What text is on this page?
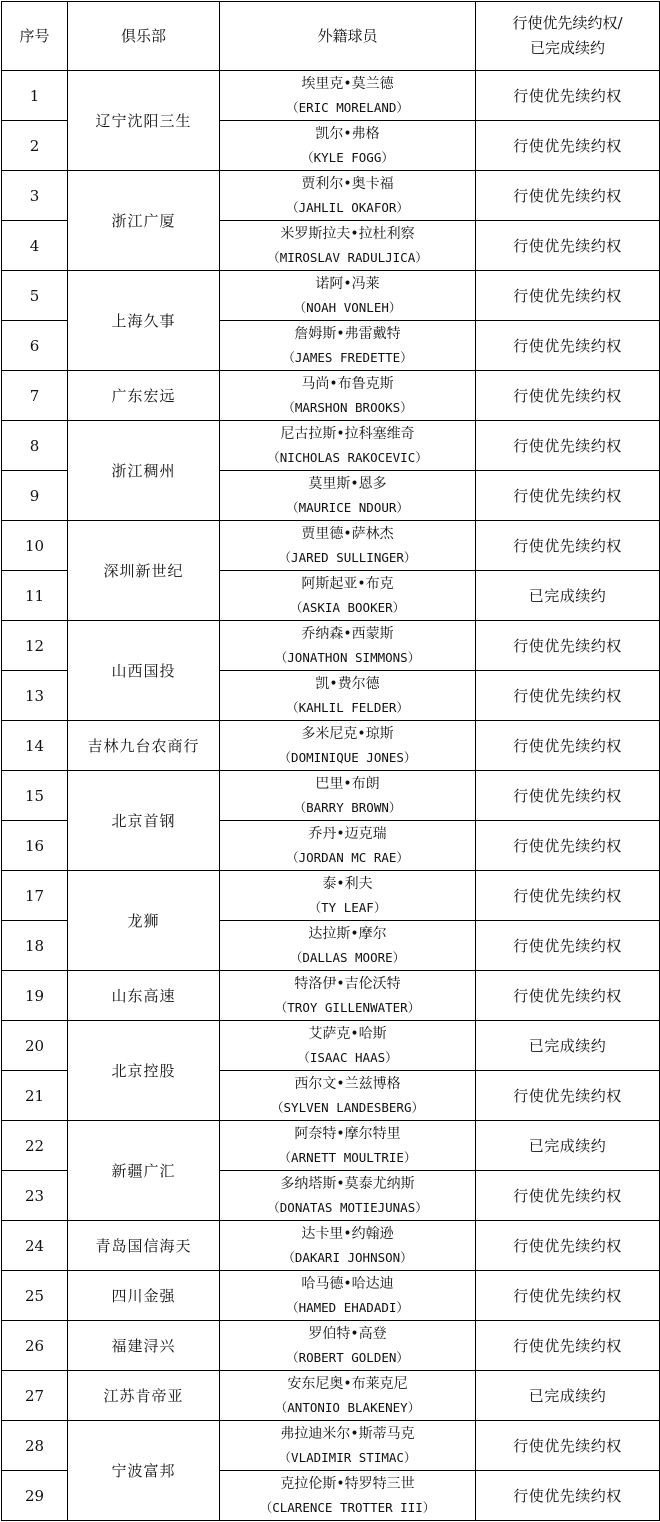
序号	俱乐部	外籍球员	行使优先续约权/
已完成续约

1	辽宁沈阳三生	埃里克•莫兰德
（ERIC MORELAND）	行使优先续约权
2		凯尔•弗格
（KYLE FOGG）	行使优先续约权
3	浙江广厦	贾利尔•奥卡福
（JAHLIL OKAFOR）	行使优先续约权
4		米罗斯拉夫•拉杜利察
（MIROSLAV RADULJICA）	行使优先续约权
5	上海久事	诺阿•冯莱
（NOAH VONLEH）	行使优先续约权
6		詹姆斯•弗雷戴特
（JAMES FREDETTE）	行使优先续约权
7	广东宏远	马尚•布鲁克斯
（MARSHON BROOKS）	行使优先续约权
8	浙江稠州	尼古拉斯•拉科塞维奇
（NICHOLAS RAKOCEVIC）	行使优先续约权
9		莫里斯•恩多
（MAURICE NDOUR）	行使优先续约权
10	深圳新世纪	贾里德•萨林杰
（JARED SULLINGER）	行使优先续约权
11		阿斯起亚•布克
（ASKIA BOOKER）	已完成续约
12	山西国投	乔纳森•西蒙斯
（JONATHON SIMMONS）	行使优先续约权
13		凯•费尔德
（KAHLIL FELDER）	行使优先续约权
14	吉林九台农商行	多米尼克•琼斯
（DOMINIQUE JONES）	行使优先续约权
15	北京首钢	巴里•布朗
（BARRY BROWN）	行使优先续约权
16		乔丹•迈克瑞
（JORDAN MC RAE）	行使优先续约权
17	龙狮	泰•利夫
（TY LEAF）	行使优先续约权
18		达拉斯•摩尔
（DALLAS MOORE）	行使优先续约权
19	山东高速	特洛伊•吉伦沃特
（TROY GILLENWATER）	行使优先续约权
20	北京控股	艾萨克•哈斯
（ISAAC HAAS）	已完成续约
21		西尔文•兰兹博格
（SYLVEN LANDESBERG）	行使优先续约权
22	新疆广汇	阿奈特•摩尔特里
（ARNETT MOULTRIE）	已完成续约
23		多纳塔斯•莫泰尤纳斯
（DONATAS MOTIEJUNAS）	行使优先续约权
24	青岛国信海天	达卡里•约翰逊
（DAKARI JOHNSON）	行使优先续约权
25	四川金强	哈马德•哈达迪
（HAMED EHADADI）	行使优先续约权
26	福建浔兴	罗伯特•高登
（ROBERT GOLDEN）	行使优先续约权
27	江苏肯帝亚	安东尼奥•布莱克尼
（ANTONIO BLAKENEY）	已完成续约
28	宁波富邦	弗拉迪米尔•斯蒂马克
（VLADIMIR STIMAC）	行使优先续约权
29		克拉伦斯•特罗特三世
（CLARENCE TROTTER III）	行使优先续约权
